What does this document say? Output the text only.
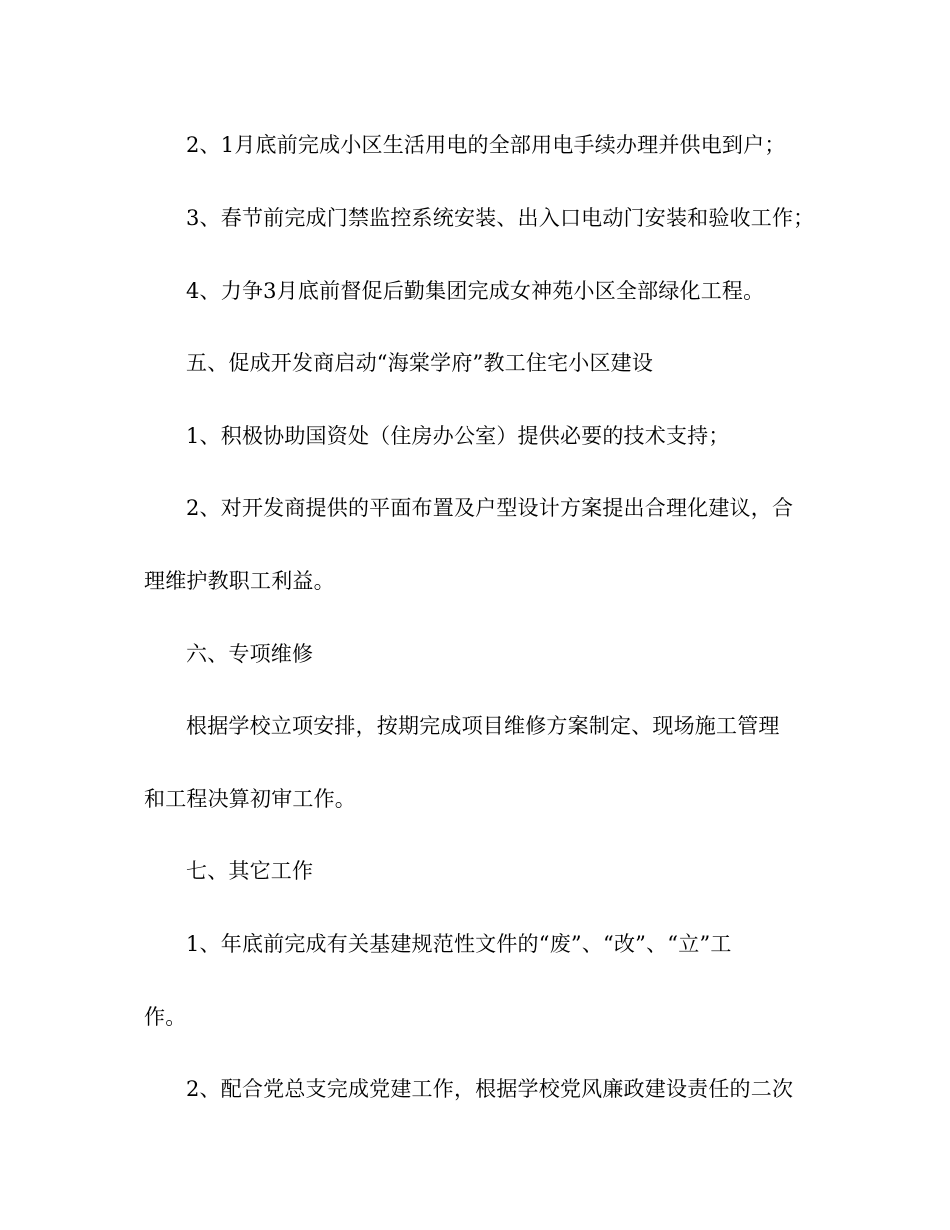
2、1月底前完成小区生活用电的全部用电手续办理并供电到户；
3、春节前完成门禁监控系统安装、出入口电动门安装和验收工作；
4、力争3月底前督促后勤集团完成女神苑小区全部绿化工程。
五、促成开发商启动“海棠学府”教工住宅小区建设
1、积极协助国资处（住房办公室）提供必要的技术支持；
2、对开发商提供的平面布置及户型设计方案提出合理化建议，合
理维护教职工利益。
六、专项维修
根据学校立项安排，按期完成项目维修方案制定、现场施工管理
和工程决算初审工作。
七、其它工作
1、年底前完成有关基建规范性文件的“废”、“改”、“立”工
作。
2、配合党总支完成党建工作，根据学校党风廉政建设责任的二次
